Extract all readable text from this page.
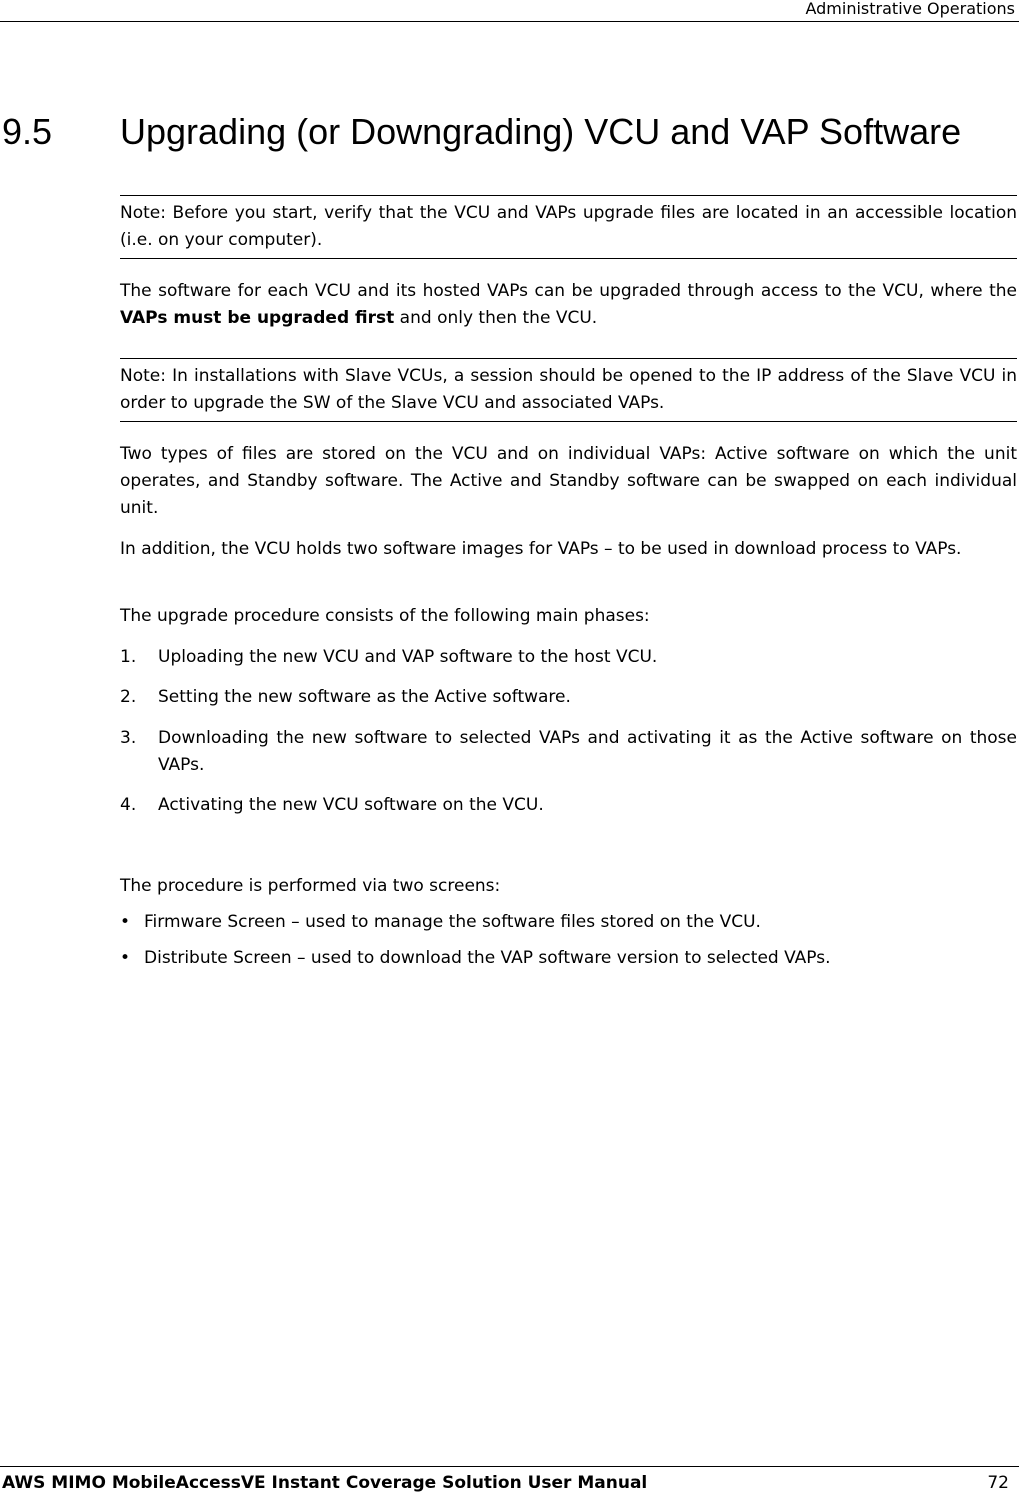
Administrative Operations
9.5 Upgrading (or Downgrading) VCU and VAP Software
Note: Before you start, verify that the VCU and VAPs upgrade files are located in an accessible location (i.e. on your computer).

The software for each VCU and its hosted VAPs can be upgraded through access to the VCU, where the VAPs must be upgraded first and only then the VCU.

Note: In installations with Slave VCUs, a session should be opened to the IP address of the Slave VCU in order to upgrade the SW of the Slave VCU and associated VAPs.

Two types of files are stored on the VCU and on individual VAPs: Active software on which the unit operates, and Standby software. The Active and Standby software can be swapped on each individual unit.

In addition, the VCU holds two software images for VAPs – to be used in download process to VAPs.

The upgrade procedure consists of the following main phases:

1. Uploading the new VCU and VAP software to the host VCU.
2. Setting the new software as the Active software.
3. Downloading the new software to selected VAPs and activating it as the Active software on those VAPs.
4. Activating the new VCU software on the VCU.

The procedure is performed via two screens:

• Firmware Screen – used to manage the software files stored on the VCU.
• Distribute Screen – used to download the VAP software version to selected VAPs.
AWS MIMO MobileAccessVE Instant Coverage Solution User Manual	72
